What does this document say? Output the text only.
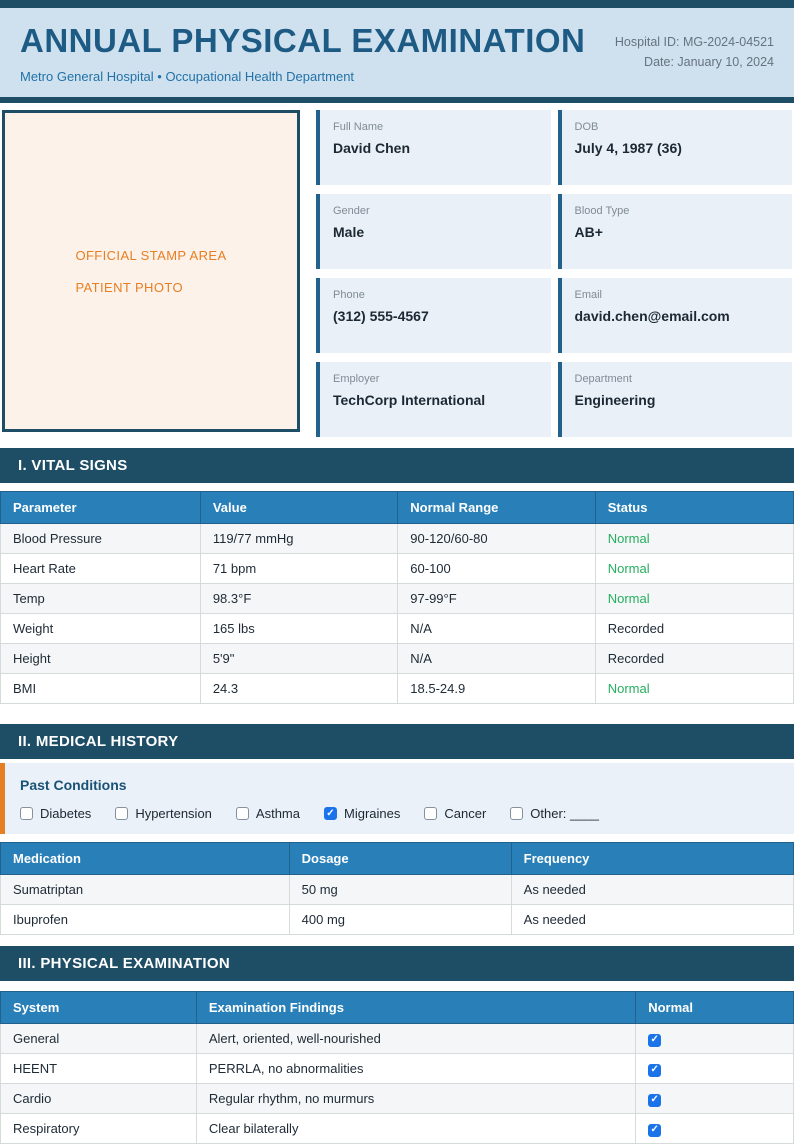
ANNUAL PHYSICAL EXAMINATION
Metro General Hospital • Occupational Health Department
Hospital ID: MG-2024-04521
Date: January 10, 2024
OFFICIAL STAMP AREA
PATIENT PHOTO
Full Name
David Chen
DOB
July 4, 1987 (36)
Gender
Male
Blood Type
AB+
Phone
(312) 555-4567
Email
david.chen@email.com
Employer
TechCorp International
Department
Engineering
I. VITAL SIGNS
Parameter	Value	Normal Range	Status
Blood Pressure	119/77 mmHg	90-120/60-80	Normal
Heart Rate	71 bpm	60-100	Normal
Temp	98.3°F	97-99°F	Normal
Weight	165 lbs	N/A	Recorded
Height	5'9"	N/A	Recorded
BMI	24.3	18.5-24.9	Normal
II. MEDICAL HISTORY
Past Conditions
Diabetes	Hypertension	Asthma ✓	Migraines	Cancer	Other: ____
Medication	Dosage	Frequency
Sumatriptan	50 mg	As needed
Ibuprofen	400 mg	As needed
III. PHYSICAL EXAMINATION
System	Examination Findings	Normal
General	Alert, oriented, well-nourished	✓
HEENT	PERRLA, no abnormalities	✓
Cardio	Regular rhythm, no murmurs	✓
Respiratory	Clear bilaterally	✓
